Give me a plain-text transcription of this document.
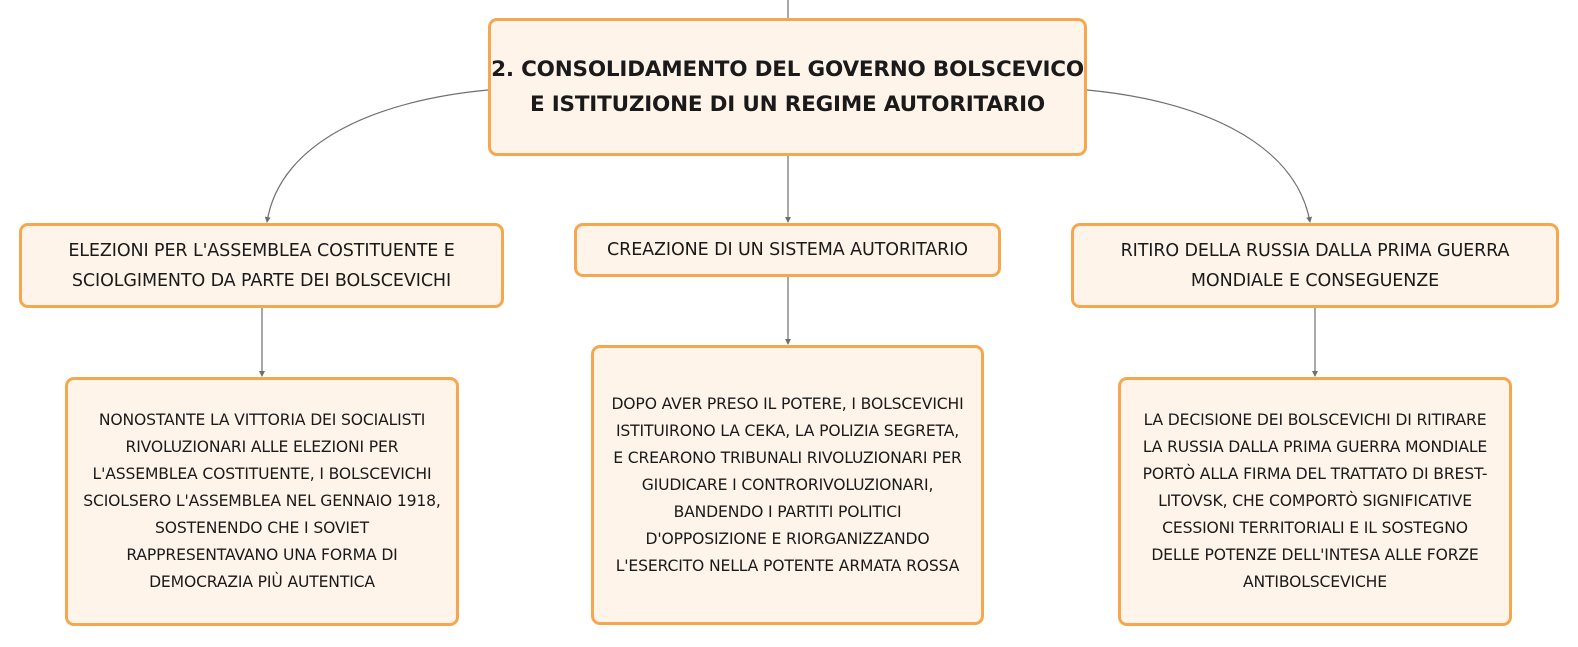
2. CONSOLIDAMENTO DEL GOVERNO BOLSCEVICO
E ISTITUZIONE DI UN REGIME AUTORITARIO
ELEZIONI PER L'ASSEMBLEA COSTITUENTE E
SCIOLGIMENTO DA PARTE DEI BOLSCEVICHI
CREAZIONE DI UN SISTEMA AUTORITARIO	RITIRO DELLA RUSSIA DALLA PRIMA GUERRA
MONDIALE E CONSEGUENZE
NONOSTANTE LA VITTORIA DEI SOCIALISTI
RIVOLUZIONARI ALLE ELEZIONI PER
L'ASSEMBLEA COSTITUENTE, I BOLSCEVICHI
SCIOLSERO L'ASSEMBLEA NEL GENNAIO 1918,
SOSTENENDO CHE I SOVIET
RAPPRESENTAVANO UNA FORMA DI
DEMOCRAZIA PIÙ AUTENTICA
DOPO AVER PRESO IL POTERE, I BOLSCEVICHI
ISTITUIRONO LA CEKA, LA POLIZIA SEGRETA,
E CREARONO TRIBUNALI RIVOLUZIONARI PER
GIUDICARE I CONTRORIVOLUZIONARI,
BANDENDO I PARTITI POLITICI
D'OPPOSIZIONE E RIORGANIZZANDO
L'ESERCITO NELLA POTENTE ARMATA ROSSA
LA DECISIONE DEI BOLSCEVICHI DI RITIRARE
LA RUSSIA DALLA PRIMA GUERRA MONDIALE
PORTÒ ALLA FIRMA DEL TRATTATO DI BREST-
LITOVSK, CHE COMPORTÒ SIGNIFICATIVE
CESSIONI TERRITORIALI E IL SOSTEGNO
DELLE POTENZE DELL'INTESA ALLE FORZE
ANTIBOLSCEVICHE
